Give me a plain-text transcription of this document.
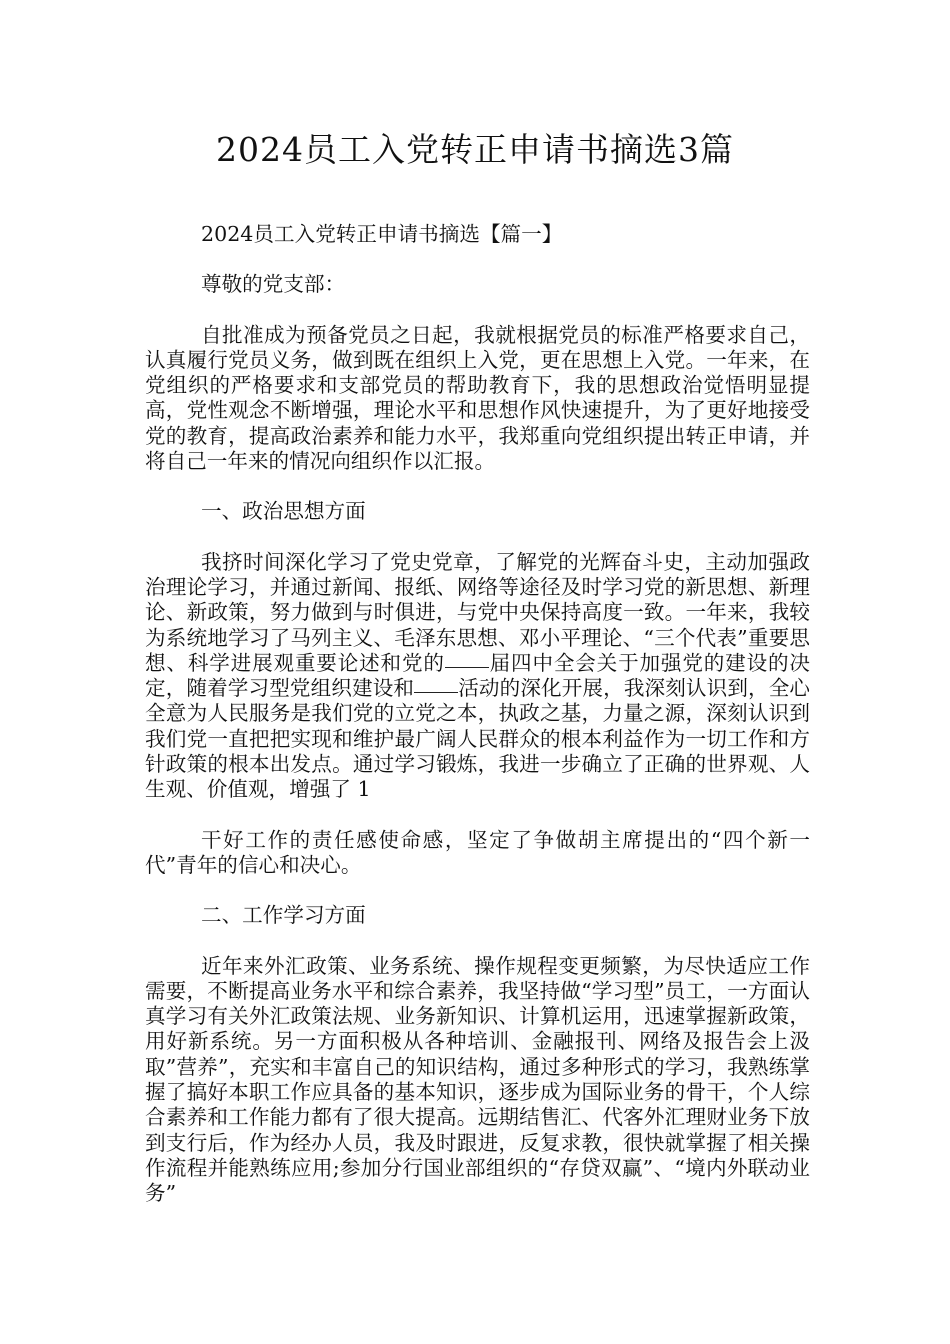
2024员工入党转正申请书摘选3篇

2024员工入党转正申请书摘选【篇一】

尊敬的党支部：

自批准成为预备党员之日起，我就根据党员的标准严格要求自己，认真履行党员义务，做到既在组织上入党，更在思想上入党。一年来，在党组织的严格要求和支部党员的帮助教育下，我的思想政治觉悟明显提高，党性观念不断增强，理论水平和思想作风快速提升，为了更好地接受党的教育，提高政治素养和能力水平，我郑重向党组织提出转正申请，并将自己一年来的情况向组织作以汇报。

一、政治思想方面

我挤时间深化学习了党史党章，了解党的光辉奋斗史，主动加强政治理论学习，并通过新闻、报纸、网络等途径及时学习党的新思想、新理论、新政策，努力做到与时俱进，与党中央保持高度一致。一年来，我较为系统地学习了马列主义、毛泽东思想、邓小平理论、“三个代表”重要思想、科学进展观重要论述和党的 届四中全会关于加强党的建设的决定，随着学习型党组织建设和 活动的深化开展，我深刻认识到，全心全意为人民服务是我们党的立党之本，执政之基，力量之源，深刻认识到我们党一直把把实现和维护最广阔人民群众的根本利益作为一切工作和方针政策的根本出发点。通过学习锻炼，我进一步确立了正确的世界观、人生观、价值观，增强了 1

干好工作的责任感使命感，坚定了争做胡主席提出的“四个新一代”青年的信心和决心。

二、工作学习方面

近年来外汇政策、业务系统、操作规程变更频繁，为尽快适应工作需要，不断提高业务水平和综合素养，我坚持做“学习型”员工，一方面认真学习有关外汇政策法规、业务新知识、计算机运用，迅速掌握新政策，用好新系统。另一方面积极从各种培训、金融报刊、网络及报告会上汲取”营养”，充实和丰富自己的知识结构，通过多种形式的学习，我熟练掌握了搞好本职工作应具备的基本知识，逐步成为国际业务的骨干，个人综合素养和工作能力都有了很大提高。远期结售汇、代客外汇理财业务下放到支行后，作为经办人员，我及时跟进，反复求教，很快就掌握了相关操作流程并能熟练应用;参加分行国业部组织的“存贷双赢”、“境内外联动业务”
